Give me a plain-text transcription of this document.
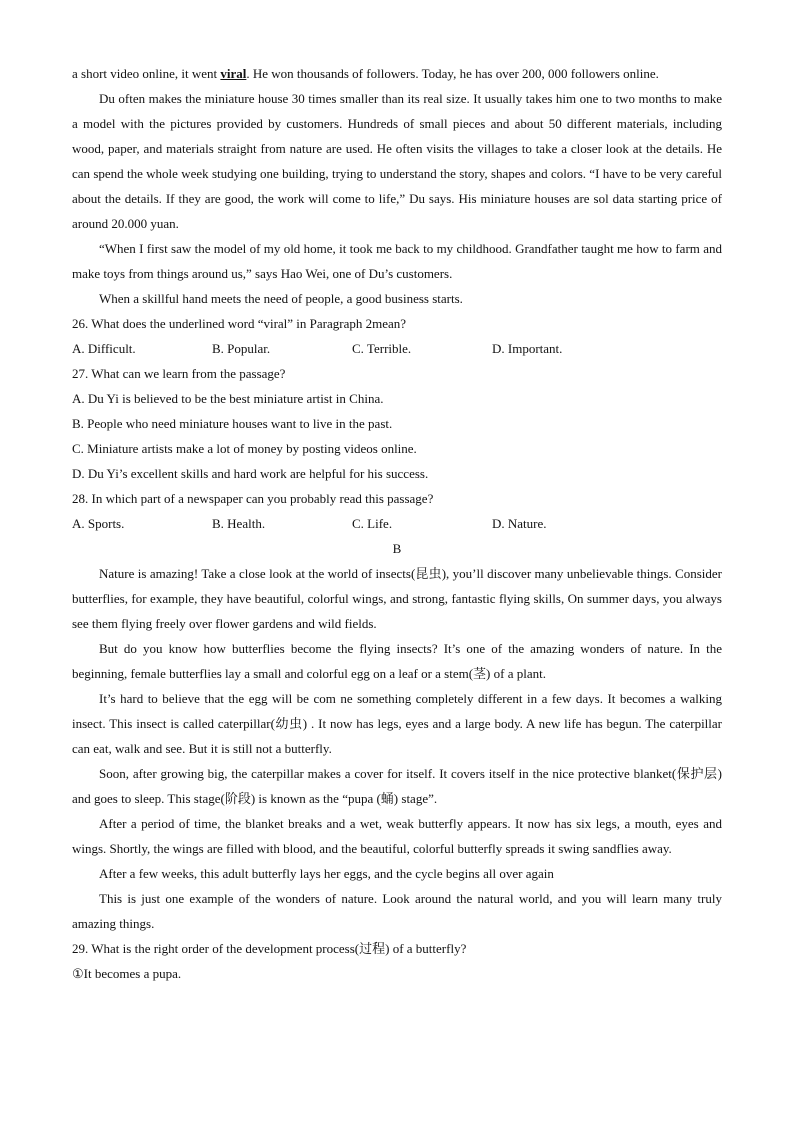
a short video online, it went viral. He won thousands of followers. Today, he has over 200, 000 followers online.

Du often makes the miniature house 30 times smaller than its real size. It usually takes him one to two months to make a model with the pictures provided by customers. Hundreds of small pieces and about 50 different materials, including wood, paper, and materials straight from nature are used. He often visits the villages to take a closer look at the details. He can spend the whole week studying one building, trying to understand the story, shapes and colors. “I have to be very careful about the details. If they are good, the work will come to life,” Du says. His miniature houses are sol data starting price of around 20.000 yuan.

“When I first saw the model of my old home, it took me back to my childhood. Grandfather taught me how to farm and make toys from things around us,” says Hao Wei, one of Du’s customers.

When a skillful hand meets the need of people, a good business starts.

26. What does the underlined word “viral” in Paragraph 2mean?

A. Difficult.	B. Popular.	C. Terrible.	D. Important.

27. What can we learn from the passage?

A. Du Yi is believed to be the best miniature artist in China.

B. People who need miniature houses want to live in the past.

C. Miniature artists make a lot of money by posting videos online.

D. Du Yi’s excellent skills and hard work are helpful for his success.

28. In which part of a newspaper can you probably read this passage?

A. Sports.	B. Health.	C. Life.	D. Nature.

B

Nature is amazing! Take a close look at the world of insects(昆虫), you’ll discover many unbelievable things. Consider butterflies, for example, they have beautiful, colorful wings, and strong, fantastic flying skills, On summer days, you always see them flying freely over flower gardens and wild fields.

But do you know how butterflies become the flying insects? It’s one of the amazing wonders of nature. In the beginning, female butterflies lay a small and colorful egg on a leaf or a stem(茎) of a plant.

It’s hard to believe that the egg will be com ne something completely different in a few days. It becomes a walking insect. This insect is called caterpillar(幼虫) . It now has legs, eyes and a large body. A new life has begun. The caterpillar can eat, walk and see. But it is still not a butterfly.

Soon, after growing big, the caterpillar makes a cover for itself. It covers itself in the nice protective blanket(保护层) and goes to sleep. This stage(阶段) is known as the “pupa (蛹) stage”.

After a period of time, the blanket breaks and a wet, weak butterfly appears. It now has six legs, a mouth, eyes and wings. Shortly, the wings are filled with blood, and the beautiful, colorful butterfly spreads it swing sandflies away.

After a few weeks, this adult butterfly lays her eggs, and the cycle begins all over again

This is just one example of the wonders of nature. Look around the natural world, and you will learn many truly amazing things.

29. What is the right order of the development process(过程) of a butterfly?

①It becomes a pupa.
